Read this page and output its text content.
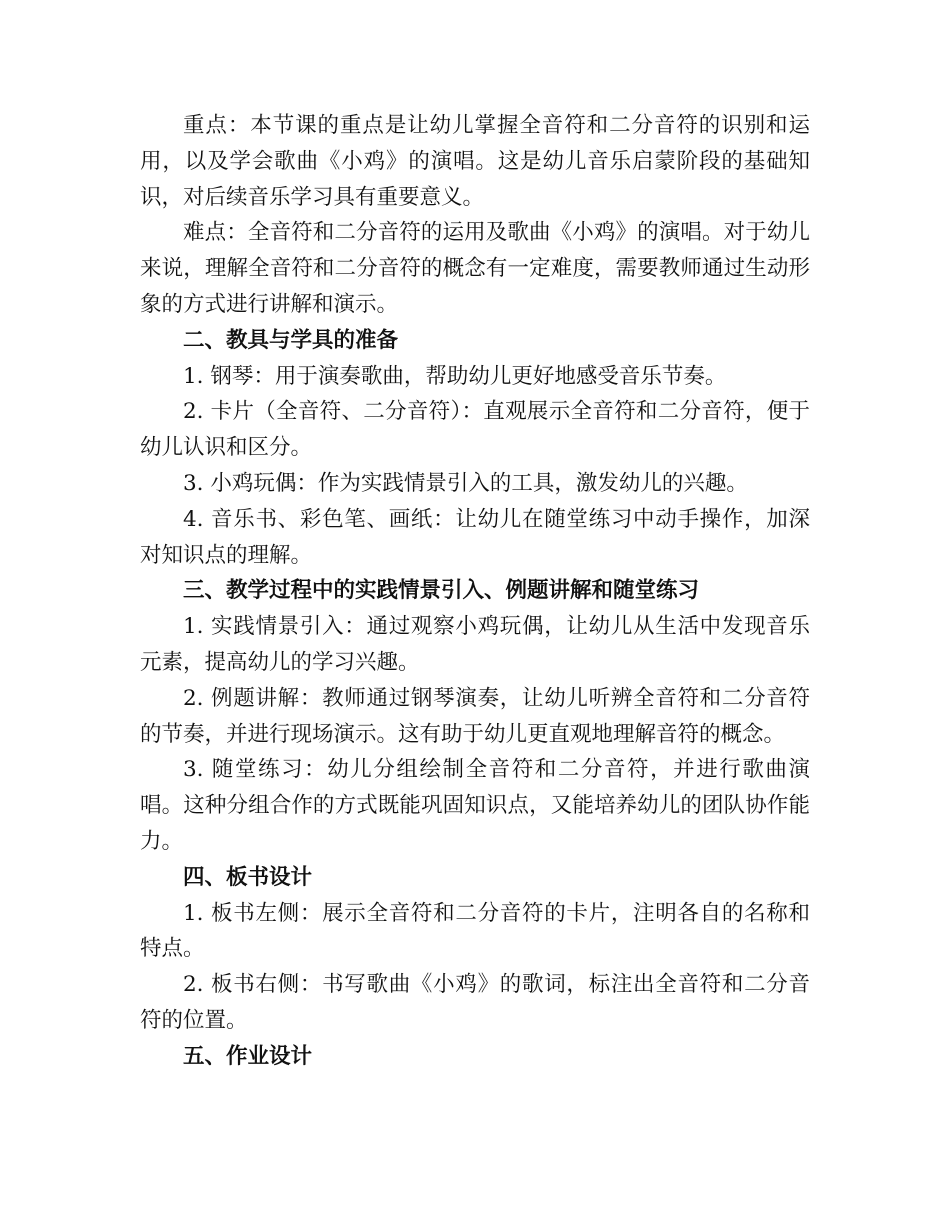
重点：本节课的重点是让幼儿掌握全音符和二分音符的识别和运用，以及学会歌曲《小鸡》的演唱。这是幼儿音乐启蒙阶段的基础知识，对后续音乐学习具有重要意义。

难点：全音符和二分音符的运用及歌曲《小鸡》的演唱。对于幼儿来说，理解全音符和二分音符的概念有一定难度，需要教师通过生动形象的方式进行讲解和演示。

二、教具与学具的准备

1. 钢琴：用于演奏歌曲，帮助幼儿更好地感受音乐节奏。

2. 卡片（全音符、二分音符）：直观展示全音符和二分音符，便于幼儿认识和区分。

3. 小鸡玩偶：作为实践情景引入的工具，激发幼儿的兴趣。

4. 音乐书、彩色笔、画纸：让幼儿在随堂练习中动手操作，加深对知识点的理解。

三、教学过程中的实践情景引入、例题讲解和随堂练习

1. 实践情景引入：通过观察小鸡玩偶，让幼儿从生活中发现音乐元素，提高幼儿的学习兴趣。

2. 例题讲解：教师通过钢琴演奏，让幼儿听辨全音符和二分音符的节奏，并进行现场演示。这有助于幼儿更直观地理解音符的概念。

3. 随堂练习：幼儿分组绘制全音符和二分音符，并进行歌曲演唱。这种分组合作的方式既能巩固知识点，又能培养幼儿的团队协作能力。

四、板书设计

1. 板书左侧：展示全音符和二分音符的卡片，注明各自的名称和特点。

2. 板书右侧：书写歌曲《小鸡》的歌词，标注出全音符和二分音符的位置。

五、作业设计
